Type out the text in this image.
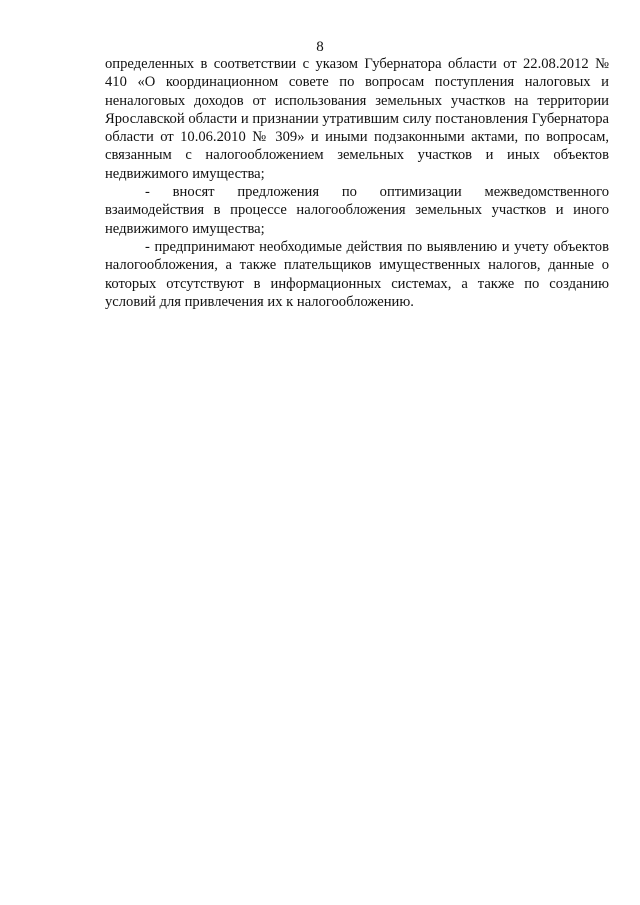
8

определенных в соответствии с указом Губернатора области от 22.08.2012 № 410 «О координационном совете по вопросам поступления налоговых и неналоговых доходов от использования земельных участков на территории Ярославской области и признании утратившим силу постановления Губернатора области от 10.06.2010 № 309» и иными подзаконными актами, по вопросам, связанным с налогообложением земельных участков и иных объектов недвижимого имущества;

- вносят предложения по оптимизации межведомственного взаимодействия в процессе налогообложения земельных участков и иного недвижимого имущества;

- предпринимают необходимые действия по выявлению и учету объектов налогообложения, а также плательщиков имущественных налогов, данные о которых отсутствуют в информационных системах, а также по созданию условий для привлечения их к налогообложению.
